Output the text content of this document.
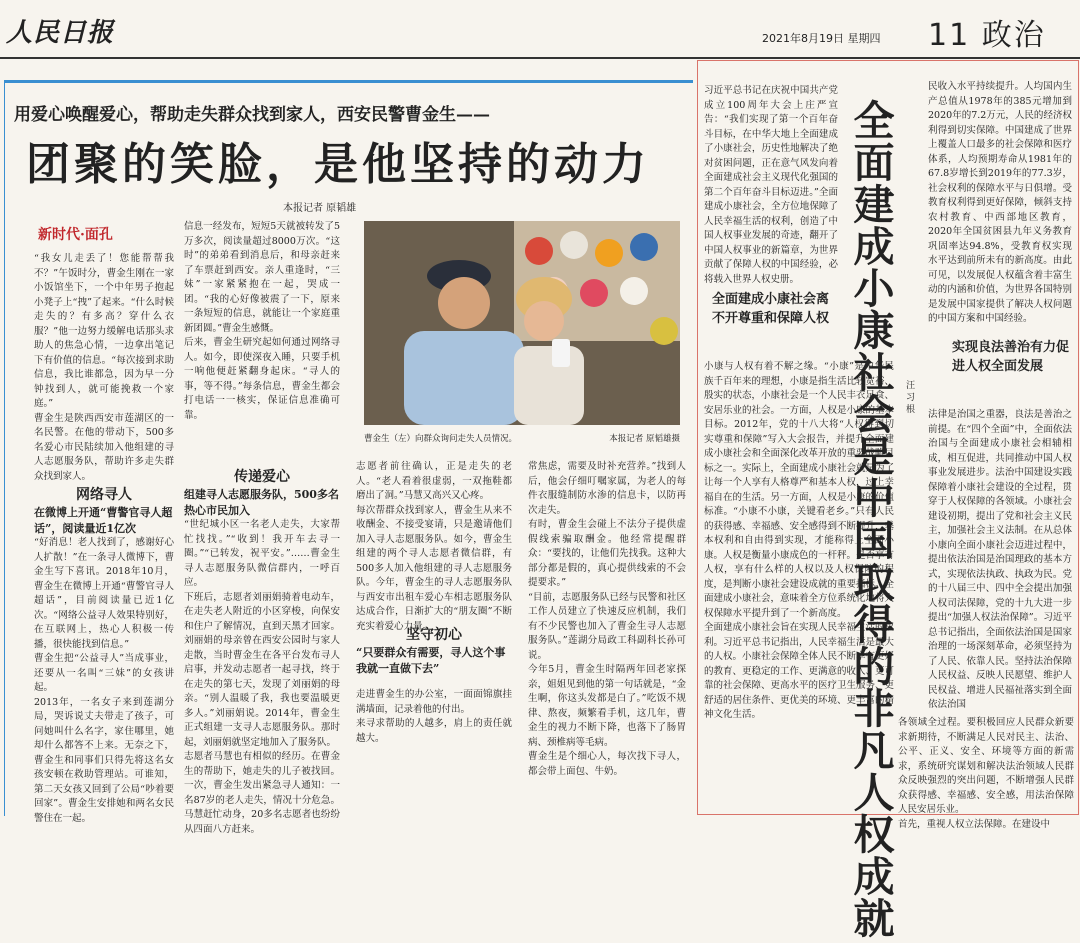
人民日报	2021年8月19日 星期四 11 政治
用爱心唤醒爱心，帮助走失群众找到家人，西安民警曹金生——
团聚的笑脸，是他坚持的动力
本报记者 原韬雄
新时代·面孔
“我女儿走丢了！您能帮帮我不？”午饭时分，曹金生刚在一家小饭馆坐下，一个中年男子抱起小凳子上“拽”了起来。“什么时候走失的？有多高？穿什么衣服？”他一边努力缓解电话那头求助人的焦急心情，一边拿出笔记下有价值的信息。“每次接到求助信息，我比谁都急，因为早一分钟找到人，就可能挽救一个家庭。”
曹金生是陕西西安市莲湖区的一名民警。在他的带动下，500多名爱心市民陆续加入他组建的寻人志愿服务队，帮助许多走失群众找到家人。
网络寻人
在微博上开通“曹警官寻人超话”，阅读量近1亿次
“好消息！老人找到了，感谢好心人扩散！”在一条寻人微博下，曹金生写下喜讯。2018年10月，曹金生在微博上开通“曹警官寻人超话”，目前阅读量已近1亿次。“网络公益寻人效果特别好，在互联网上，热心人积极一传播，很快能找到信息。”
曹金生把“公益寻人”当成事业，还要从一名叫“三妹”的女孩讲起。
2013年，一名女子来到莲湖分局，哭诉说丈夫带走了孩子，可问她叫什么名字，家住哪里，她却什么都答不上来。无奈之下，曹金生和同事们只得先将这名女孩安顿在救助管理站。可谁知，第二天女孩又回到了公局“吵着要回家”。曹金生安排她和两名女民警住在一起。
信息一经发布，短短5天就被转发了5万多次，阅读量超过8000万次。“这时”的弟弟看到消息后，和母亲赶来了车票赶到西安。亲人重逢时，“三妹”一家紧紧抱在一起，哭成一团。“我的心好像被震了一下，原来一条短短的信息，就能让一个家庭重新团圆。”曹金生感慨。
后来，曹金生研究起如何通过网络寻人。如今，即使深夜入睡，只要手机一响他便赶紧翻身起床。“寻人的事，等不得。”每条信息，曹金生都会打电话一一核实，保证信息准确可靠。
传递爱心
组建寻人志愿服务队，500多名热心市民加入
“世纪城小区一名老人走失，大家帮忙找找。”“收到！我开车去寻一圈。”“已转发，祝平安。”……曹金生寻人志愿服务队微信群内，一呼百应。
下班后，志愿者刘丽娟骑着电动车，在走失老人附近的小区穿梭，向保安和住户了解情况，直到天黑才回家。刘丽娟的母亲曾在西安公园时与家人走散，当时曹金生在各平台发布寻人启事，并发动志愿者一起寻找，终于在走失的第七天，发现了刘丽娟的母亲。“别人温暖了我，我也要温暖更多人。”刘丽娟说。2014年，曹金生正式组建一支寻人志愿服务队。那时起，刘丽娟就坚定地加入了服务队。
志愿者马慧也有相似的经历。在曹金生的帮助下，她走失的儿子被找回。一次，曹金生发出紧急寻人通知：一名87岁的老人走失，情况十分危急。马慧赶忙动身，20多名志愿者也纷纷从四面八方赶来。
曹金生（左）向群众询问走失人员情况。	本报记者 原韬雄摄
志愿者前往确认，正是走失的老人。“老人看着很虚弱，一双拖鞋都磨出了洞。”马慧又高兴又心疼。
每次帮群众找到家人，曹金生从来不收酬金、不接受宴请，只是邀请他们加入寻人志愿服务队。如今，曹金生组建的两个寻人志愿者微信群，有500多人加入他组建的寻人志愿服务队。今年，曹金生的寻人志愿服务队与西安市出租车爱心车相志愿服务队达成合作，日渐扩大的“朋友圈”不断充实着爱心力量。
坚守初心
“只要群众有需要，寻人这个事我就一直做下去”
走进曹金生的办公室，一面面锦旗挂满墙面，记录着他的付出。
来寻求帮助的人越多，肩上的责任就越大。
常焦虑，需要及时补充营养。”找到人后，他会仔细叮嘱家属，为老人的每件衣服缝制防水渗的信息卡，以防再次走失。
有时，曹金生会碰上不法分子提供虚假线索骗取酬金。他经常提醒群众：“要找的，让他们先找我。这种大部分都是假的，真心提供线索的不会提要求。”
“目前，志愿服务队已经与民警和社区工作人员建立了快速反应机制，我们有不少民警也加入了曹金生寻人志愿服务队。”莲湖分局政工科副科长孙可说。
今年5月，曹金生时隔两年回老家探亲，姐姐见到他的第一句话就是，“金生啊，你这头发都是白了。”吃饭不规律、熬夜，频繁看手机，这几年，曹金生的视力不断下降，也落下了肠胃病、颈椎病等毛病。
曹金生是个细心人，每次找下寻人，都会带上面包、牛奶。
全面建成小康社会是中国取得的非凡人权成就
汪习根
习近平总书记在庆祝中国共产党成立100周年大会上庄严宣告：“我们实现了第一个百年奋斗目标，在中华大地上全面建成了小康社会，历史性地解决了绝对贫困问题，正在意气风发向着全面建成社会主义现代化强国的第二个百年奋斗目标迈进。”全面建成小康社会，全方位地保障了人民幸福生活的权利，创造了中国人权事业发展的奇迹，翻开了中国人权事业的新篇章，为世界贡献了保障人权的中国经验，必将载入世界人权史册。
全面建成小康社会离不开尊重和保障人权
小康与人权有着不解之缘。“小康”是中华民族千百年来的理想，小康是指生活比较宽裕、殷实的状态，小康社会是一个人民丰衣足食、安居乐业的社会。一方面，人权是小康的基本目标。2012年，党的十八大将“人权得到切实尊重和保障”写入大会报告，并提升全面建成小康社会和全面深化改革开放的重要战略目标之一。实际上，全面建成小康社会就是为了让每一个人享有人格尊严和基本人权，过上幸福自在的生活。另一方面，人权是小康的价值标准。“小康不小康，关键看老乡。”只有人民的获得感、幸福感、安全感得到不断提升，基本权利和自由得到实现，才能称得上全面小康。人权是衡量小康成色的一杆秤。是否享有人权，享有什么样的人权以及人权保障的程度，是判断小康社会建设成就的重要指标。全面建成小康社会，意味着全方位系统化地将人权保障水平提升到了一个新高度。
全面建成小康社会旨在实现人民幸福生活的权利。习近平总书记指出，人民幸福生活是最大的人权。小康社会保障全体人民不断享有更好的教育、更稳定的工作、更满意的收入、更可靠的社会保障、更高水平的医疗卫生服务、更舒适的居住条件、更优美的环境、更丰富的精神文化生活。
民收入水平持续提升。人均国内生产总值从1978年的385元增加到2020年的7.2万元，人民的经济权利得到切实保障。中国建成了世界上覆盖人口最多的社会保障和医疗体系，人均预期寿命从1981年的67.8岁增长到2019年的77.3岁，社会权利的保障水平与日俱增。受教育权利得到更好保障，倾斜支持农村教育、中西部地区教育，2020年全国贫困县九年义务教育巩固率达94.8%，受教育权实现水平达到前所未有的新高度。由此可见，以发展促人权蕴含着丰富生动的内涵和价值，为世界各国特别是发展中国家提供了解决人权问题的中国方案和中国经验。
实现良法善治有力促进人权全面发展
法律是治国之重器，良法是善治之前提。在“四个全面”中，全面依法治国与全面建成小康社会相辅相成，相互促进，共同推动中国人权事业发展进步。法治中国建设实践保障着小康社会建设的全过程，贯穿于人权保障的各领域。小康社会建设初期，提出了党和社会主义民主，加强社会主义法制。在从总体小康向全面小康社会迈进过程中，提出依法治国是治国理政的基本方式，实现依法执政、执政为民。党的十八届三中、四中全会提出加强人权司法保障，党的十九大进一步提出“加强人权法治保障”。习近平总书记指出，全面依法治国是国家治理的一场深刻革命，必须坚持为了人民、依靠人民。坚持法治保障人民权益、反映人民愿望、维护人民权益、增进人民福祉落实到全面依法治国
各领域全过程。要积极回应人民群众新要求新期待，不断满足人民对民主、法治、公平、正义、安全、环境等方面的新需求，系统研究谋划和解决法治领域人民群众反映强烈的突出问题，不断增强人民群众获得感、幸福感、安全感，用法治保障人民安居乐业。
首先，重视人权立法保障。在建设中
